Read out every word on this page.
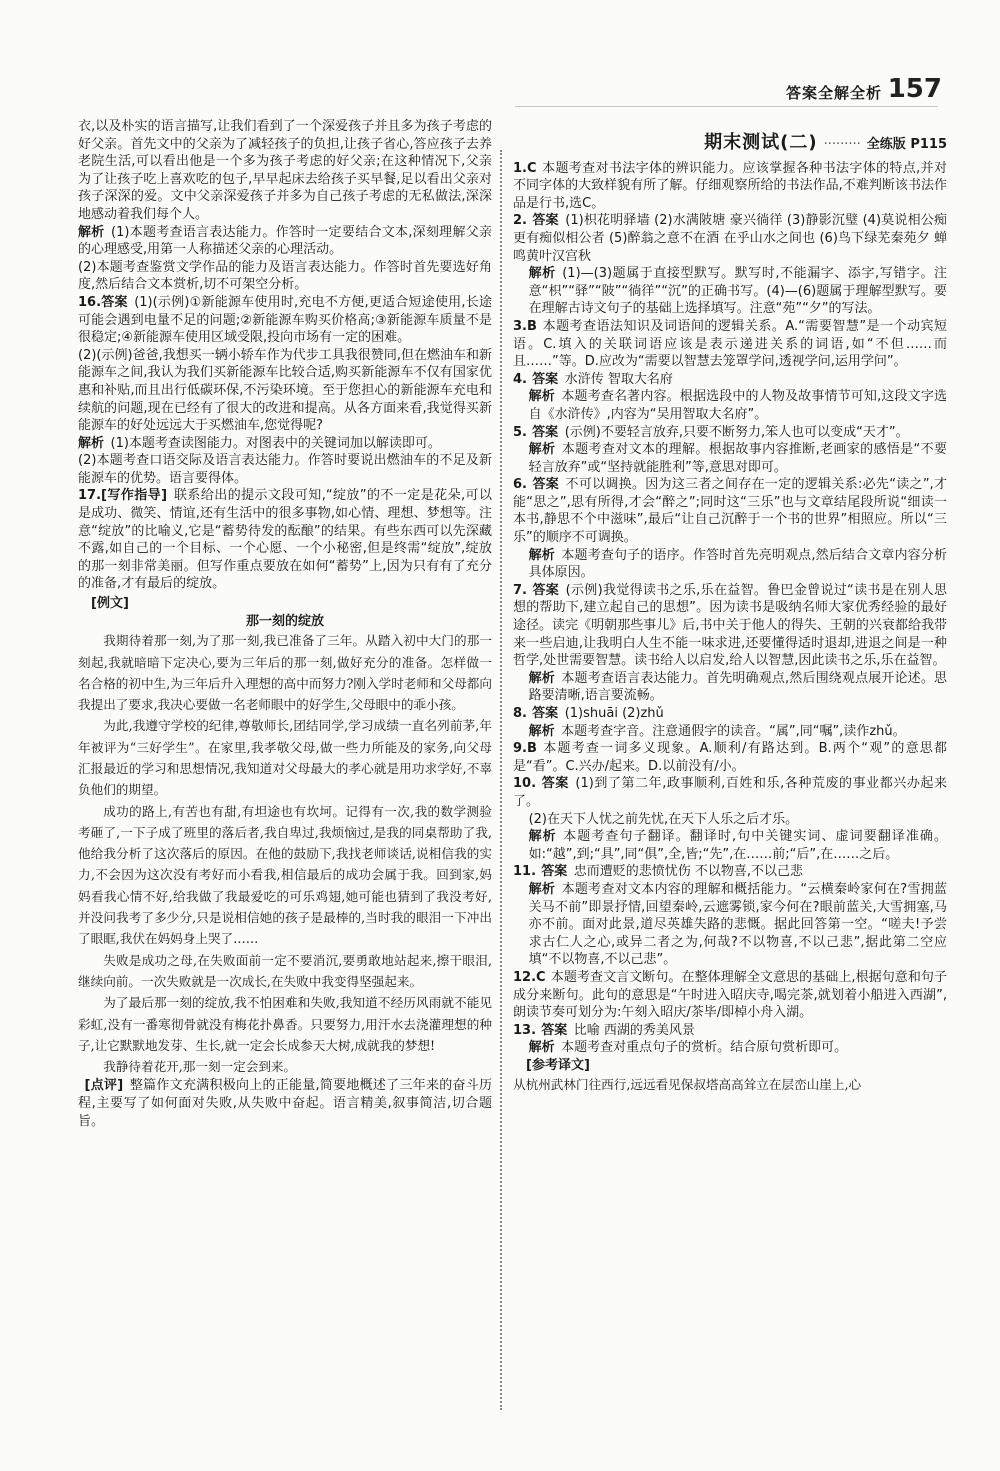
答案全解全析 157

衣,以及朴实的语言描写,让我们看到了一个深爱孩子并且多为孩子考虑的好父亲。首先文中的父亲为了减轻孩子的负担,让孩子省心,答应孩子去养老院生活,可以看出他是一个多为孩子考虑的好父亲;在这种情况下,父亲为了让孩子吃上喜欢吃的包子,早早起床去给孩子买早餐,足以看出父亲对孩子深深的爱。文中父亲深爱孩子并多为自己孩子考虑的无私做法,深深地感动着我们每个人。

解析 (1)本题考查语言表达能力。作答时一定要结合文本,深刻理解父亲的心理感受,用第一人称描述父亲的心理活动。

(2)本题考查鉴赏文学作品的能力及语言表达能力。作答时首先要选好角度,然后结合文本赏析,切不可架空分析。

16.答案 (1)(示例)①新能源车使用时,充电不方便,更适合短途使用,长途可能会遇到电量不足的问题;②新能源车购买价格高;③新能源车质量不是很稳定;④新能源车使用区域受限,投向市场有一定的困难。

(2)(示例)爸爸,我想买一辆小轿车作为代步工具我很赞同,但在燃油车和新能源车之间,我认为我们买新能源车比较合适,购买新能源车不仅有国家优惠和补贴,而且出行低碳环保,不污染环境。至于您担心的新能源车充电和续航的问题,现在已经有了很大的改进和提高。从各方面来看,我觉得买新能源车的好处远远大于买燃油车,您觉得呢?

解析 (1)本题考查读图能力。对图表中的关键词加以解读即可。

(2)本题考查口语交际及语言表达能力。作答时要说出燃油车的不足及新能源车的优势。语言要得体。

17.[写作指导] 联系给出的提示文段可知,“绽放”的不一定是花朵,可以是成功、微笑、情谊,还有生活中的很多事物,如心情、理想、梦想等。注意“绽放”的比喻义,它是“蓄势待发的酝酿”的结果。有些东西可以先深藏不露,如自己的一个目标、一个心愿、一个小秘密,但是终需“绽放”,绽放的那一刻非常美丽。但写作重点要放在如何“蓄势”上,因为只有有了充分的准备,才有最后的绽放。

[例文]

那一刻的绽放

我期待着那一刻,为了那一刻,我已准备了三年。从踏入初中大门的那一刻起,我就暗暗下定决心,要为三年后的那一刻,做好充分的准备。怎样做一名合格的初中生,为三年后升入理想的高中而努力?刚入学时老师和父母都向我提出了要求,我决心要做一名老师眼中的好学生,父母眼中的乖小孩。

为此,我遵守学校的纪律,尊敬师长,团结同学,学习成绩一直名列前茅,年年被评为“三好学生”。在家里,我孝敬父母,做一些力所能及的家务,向父母汇报最近的学习和思想情况,我知道对父母最大的孝心就是用功求学好,不辜负他们的期望。

成功的路上,有苦也有甜,有坦途也有坎坷。记得有一次,我的数学测验考砸了,一下子成了班里的落后者,我自卑过,我烦恼过,是我的同桌帮助了我,他给我分析了这次落后的原因。在他的鼓励下,我找老师谈话,说相信我的实力,不会因为这次没有考好而小看我,相信最后的成功会属于我。回到家,妈妈看我心情不好,给我做了我最爱吃的可乐鸡翅,她可能也猜到了我没考好,并没问我考了多少分,只是说相信她的孩子是最棒的,当时我的眼泪一下冲出了眼眶,我伏在妈妈身上哭了……

失败是成功之母,在失败面前一定不要消沉,要勇敢地站起来,擦干眼泪,继续向前。一次失败就是一次成长,在失败中我变得坚强起来。

为了最后那一刻的绽放,我不怕困难和失败,我知道不经历风雨就不能见彩虹,没有一番寒彻骨就没有梅花扑鼻香。只要努力,用汗水去浇灌理想的种子,让它默默地发芽、生长,就一定会长成参天大树,成就我的梦想!

我静待着花开,那一刻一定会到来。

[点评] 整篇作文充满积极向上的正能量,简要地概述了三年来的奋斗历程,主要写了如何面对失败,从失败中奋起。语言精美,叙事简洁,切合题旨。

期末测试(二) ········· 全练版 P115

1.C 本题考查对书法字体的辨识能力。应该掌握各种书法字体的特点,并对不同字体的大致样貌有所了解。仔细观察所给的书法作品,不难判断该书法作品是行书,选C。

2. 答案 (1)枳花明驿墙 (2)水满陂塘 豪兴徜徉 (3)静影沉璧 (4)莫说相公痴 更有痴似相公者 (5)醉翁之意不在酒 在乎山水之间也 (6)鸟下绿芜秦苑夕 蝉鸣黄叶汉宫秋

解析 (1)—(3)题属于直接型默写。默写时,不能漏字、添字,写错字。注意“枳”“驿”“陂”“徜徉”“沉”的正确书写。(4)—(6)题属于理解型默写。要在理解古诗文句子的基础上选择填写。注意“苑”“夕”的写法。

3.B 本题考查语法知识及词语间的逻辑关系。A.“需要智慧”是一个动宾短语。C.填入的关联词语应该是表示递进关系的词语,如“不但……而且……”等。D.应改为“需要以智慧去笼罩学问,透视学问,运用学问”。

4. 答案 水浒传 智取大名府

解析 本题考查名著内容。根据选段中的人物及故事情节可知,这段文字选自《水浒传》,内容为“吴用智取大名府”。

5. 答案 (示例)不要轻言放弃,只要不断努力,笨人也可以变成“天才”。

解析 本题考查对文本的理解。根据故事内容推断,老画家的感悟是“不要轻言放弃”或“坚持就能胜利”等,意思对即可。

6. 答案 不可以调换。因为这三者之间存在一定的逻辑关系:必先“读之”,才能“思之”,思有所得,才会“醉之”;同时这“三乐”也与文章结尾段所说“细读一本书,静思不个中滋味”,最后“让自己沉醉于一个书的世界”相照应。所以“三乐”的顺序不可调换。

解析 本题考查句子的语序。作答时首先亮明观点,然后结合文章内容分析具体原因。

7. 答案 (示例)我觉得读书之乐,乐在益智。鲁巴金曾说过“读书是在别人思想的帮助下,建立起自己的思想”。因为读书是吸纳名师大家优秀经验的最好途径。读完《明朝那些事儿》后,书中关于他人的得失、王朝的兴衰都给我带来一些启迪,让我明白人生不能一味求进,还要懂得适时退却,进退之间是一种哲学,处世需要智慧。读书给人以启发,给人以智慧,因此读书之乐,乐在益智。

解析 本题考查语言表达能力。首先明确观点,然后围绕观点展开论述。思路要清晰,语言要流畅。

8. 答案 (1)shuāi (2)zhǔ

解析 本题考查字音。注意通假字的读音。“属”,同“嘱”,读作zhǔ。

9.B 本题考查一词多义现象。A.顺利/有路达到。B.两个“观”的意思都是“看”。C.兴办/起来。D.以前没有/小。

10. 答案 (1)到了第二年,政事顺利,百姓和乐,各种荒废的事业都兴办起来了。

(2)在天下人忧之前先忧,在天下人乐之后才乐。

解析 本题考查句子翻译。翻译时,句中关键实词、虚词要翻译准确。如:“越”,到;“具”,同“俱”,全,皆;“先”,在……前;“后”,在……之后。

11. 答案 忠而遭贬的悲愤忧伤 不以物喜,不以己悲

解析 本题考查对文本内容的理解和概括能力。“云横秦岭家何在?雪拥蓝关马不前”即景抒情,回望秦岭,云遮雾锁,家今何在?眼前蓝关,大雪拥塞,马亦不前。面对此景,道尽英雄失路的悲慨。据此回答第一空。“嗟夫!予尝求古仁人之心,或异二者之为,何哉?不以物喜,不以己悲”,据此第二空应填“不以物喜,不以己悲”。

12.C 本题考查文言文断句。在整体理解全文意思的基础上,根据句意和句子成分来断句。此句的意思是“午时进入昭庆寺,喝完茶,就划着小船进入西湖”,朗读节奏可划分为:午刻入昭庆/茶毕/即棹小舟入湖。

13. 答案 比喻 西湖的秀美风景

解析 本题考查对重点句子的赏析。结合原句赏析即可。

[参考译文]

从杭州武林门往西行,远远看见保叔塔高高耸立在层峦山崖上,心
